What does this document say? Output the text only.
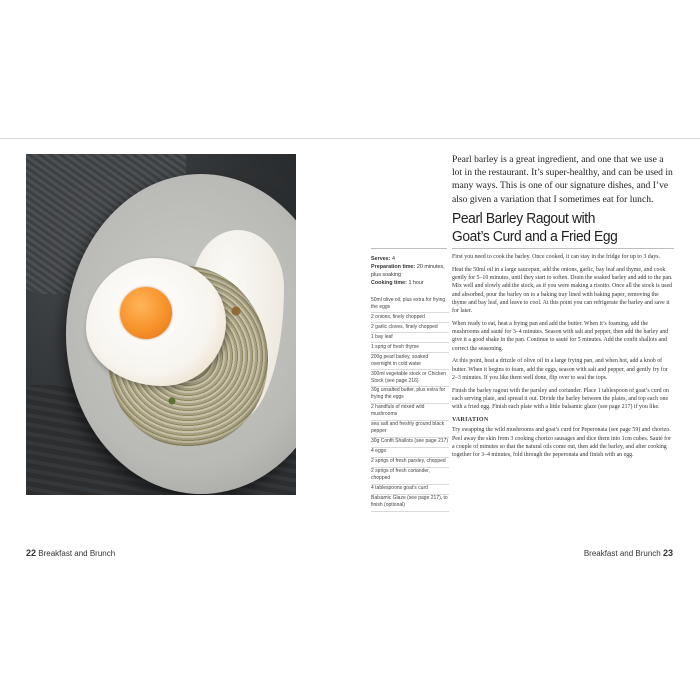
22 Breakfast and Brunch
Pearl barley is a great ingredient, and one that we use a lot in the restaurant. It’s super-healthy, and can be used in many ways. This is one of our signature dishes, and I’ve also given a variation that I sometimes eat for lunch.
Pearl Barley Ragout with
Goat’s Curd and a Fried Egg
Serves: 4
Preparation time: 20 minutes, plus soaking
Cooking time: 1 hour
50ml olive oil, plus extra for frying the eggs
2 onions, finely chopped
2 garlic cloves, finely chopped
1 bay leaf
1 sprig of fresh thyme
200g pearl barley, soaked overnight in cold water
300ml vegetable stock or Chicken Stock (see page 216)
30g unsalted butter, plus extra for frying the eggs
2 handfuls of mixed wild mushrooms
sea salt and freshly ground black pepper
30g Confit Shallots (see page 217)
4 eggs
2 sprigs of fresh parsley, chopped
2 sprigs of fresh coriander, chopped
4 tablespoons goat’s curd
Balsamic Glaze (see page 217), to finish (optional)

First you need to cook the barley. Once cooked, it can stay in the fridge for up to 3 days.

Heat the 50ml oil in a large saucepan, add the onions, garlic, bay leaf and thyme, and cook gently for 5–10 minutes, until they start to soften. Drain the soaked barley and add to the pan. Mix well and slowly add the stock, as if you were making a risotto. Once all the stock is used and absorbed, pour the barley on to a baking tray lined with baking paper, removing the thyme and bay leaf, and leave to cool. At this point you can refrigerate the barley and save it for later.

When ready to eat, heat a frying pan and add the butter. When it’s foaming, add the mushrooms and sauté for 3–4 minutes. Season with salt and pepper, then add the barley and give it a good shake in the pan. Continue to sauté for 5 minutes. Add the confit shallots and correct the seasoning.

At this point, heat a drizzle of olive oil in a large frying pan, and when hot, add a knob of butter. When it begins to foam, add the eggs, season with salt and pepper, and gently fry for 2–3 minutes. If you like them well done, flip over to seal the tops.

Finish the barley ragout with the parsley and coriander. Place 1 tablespoon of goat’s curd on each serving plate, and spread it out. Divide the barley between the plates, and top each one with a fried egg. Finish each plate with a little balsamic glaze (see page 217) if you like.

VARIATION

Try swapping the wild mushrooms and goat’s curd for Peperonata (see page 59) and chorizo. Peel away the skin from 3 cooking chorizo sausages and dice them into 1cm cubes. Sauté for a couple of minutes so that the natural oils come out, then add the barley, and after cooking together for 3–4 minutes, fold through the peperonata and finish with an egg.

Breakfast and Brunch 23
